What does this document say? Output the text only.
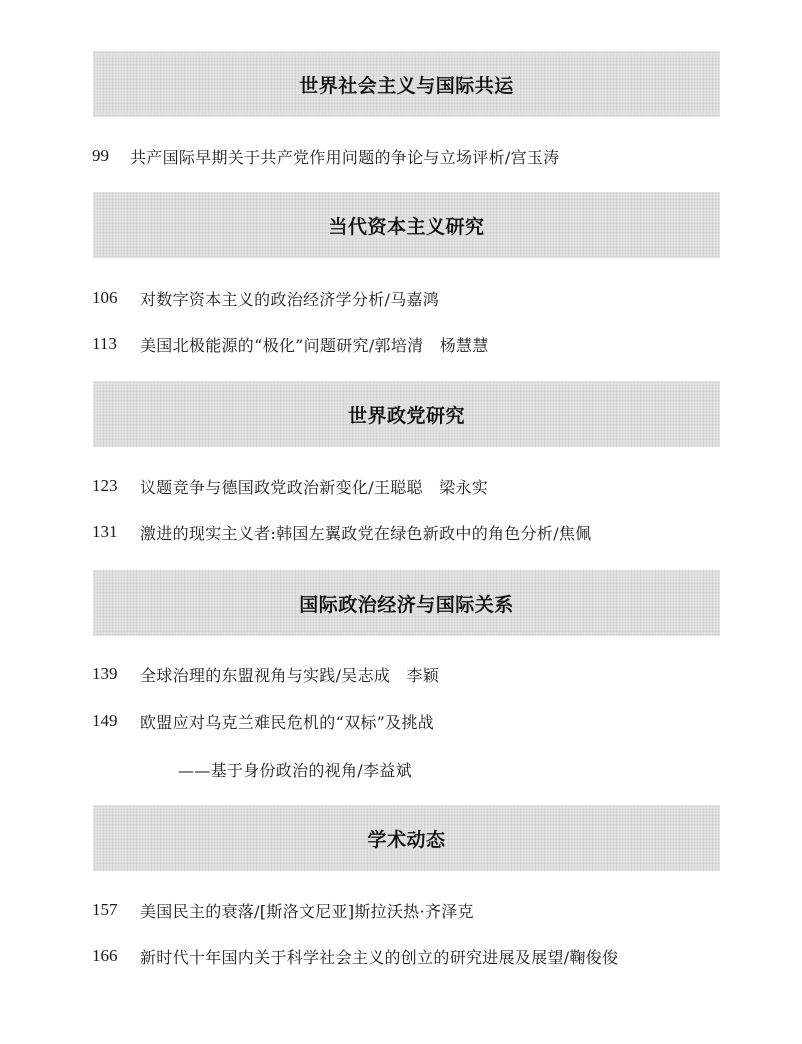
世界社会主义与国际共运
99	共产国际早期关于共产党作用问题的争论与立场评析/宫玉涛
当代资本主义研究
106	对数字资本主义的政治经济学分析/马嘉鸿
113	美国北极能源的“极化”问题研究/郭培清　杨慧慧
世界政党研究
123	议题竞争与德国政党政治新变化/王聪聪　梁永实
131	激进的现实主义者:韩国左翼政党在绿色新政中的角色分析/焦佩
国际政治经济与国际关系
139	全球治理的东盟视角与实践/吴志成　李颖
149	欧盟应对乌克兰难民危机的“双标”及挑战
——基于身份政治的视角/李益斌
学术动态
157	美国民主的衰落/[斯洛文尼亚]斯拉沃热·齐泽克
166	新时代十年国内关于科学社会主义的创立的研究进展及展望/鞠俊俊
